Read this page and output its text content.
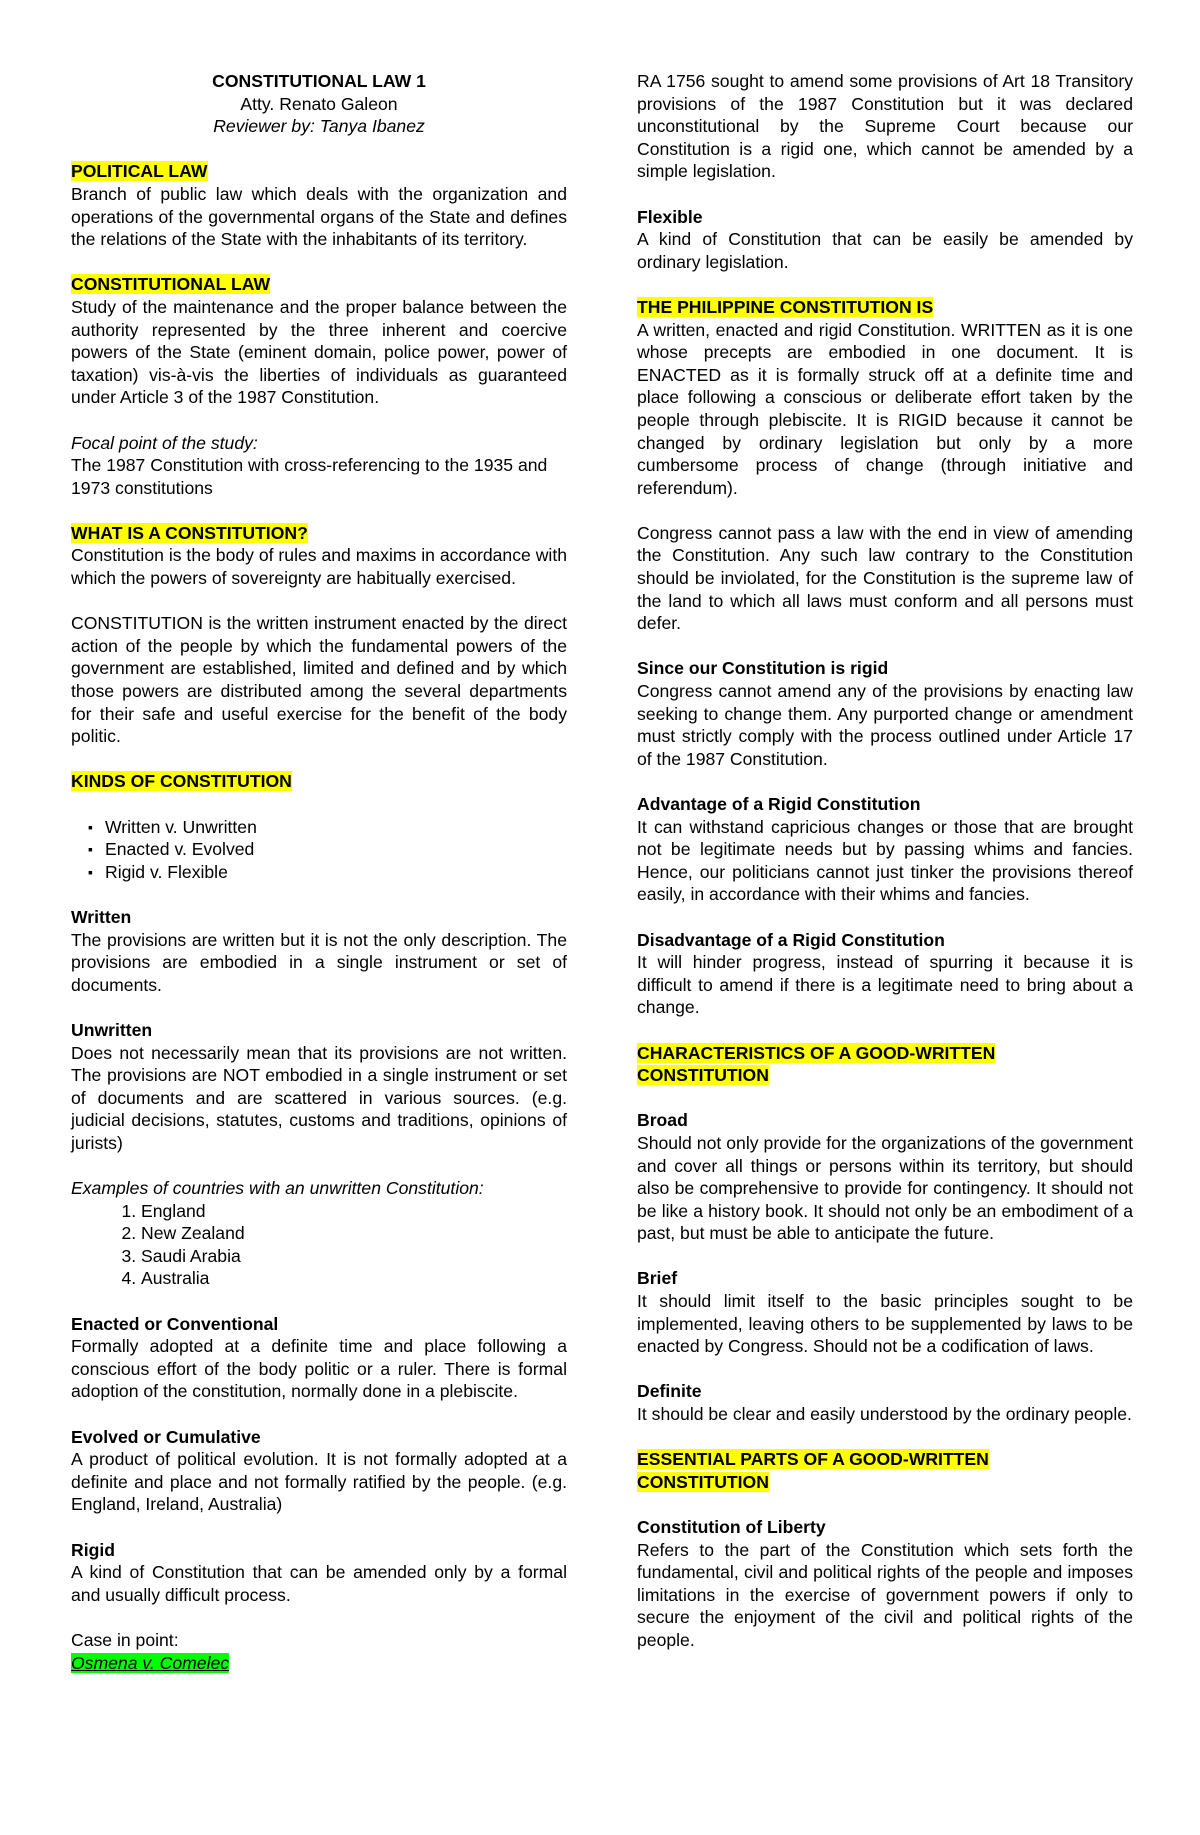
CONSTITUTIONAL LAW 1
Atty. Renato Galeon
Reviewer by: Tanya Ibanez
POLITICAL LAW

Branch of public law which deals with the organization and operations of the governmental organs of the State and defines the relations of the State with the inhabitants of its territory.

CONSTITUTIONAL LAW

Study of the maintenance and the proper balance between the authority represented by the three inherent and coercive powers of the State (eminent domain, police power, power of taxation) vis-à-vis the liberties of individuals as guaranteed under Article 3 of the 1987 Constitution.

Focal point of the study:

The 1987 Constitution with cross-referencing to the 1935 and 1973 constitutions

WHAT IS A CONSTITUTION?

Constitution is the body of rules and maxims in accordance with which the powers of sovereignty are habitually exercised.

CONSTITUTION is the written instrument enacted by the direct action of the people by which the fundamental powers of the government are established, limited and defined and by which those powers are distributed among the several departments for their safe and useful exercise for the benefit of the body politic.

KINDS OF CONSTITUTION
▪ Written v. Unwritten
▪ Enacted v. Evolved
▪ Rigid v. Flexible

Written

The provisions are written but it is not the only description. The provisions are embodied in a single instrument or set of documents.

Unwritten

Does not necessarily mean that its provisions are not written. The provisions are NOT embodied in a single instrument or set of documents and are scattered in various sources. (e.g. judicial decisions, statutes, customs and traditions, opinions of jurists)

Examples of countries with an unwritten Constitution:

1. England
2. New Zealand
3. Saudi Arabia
4. Australia

Enacted or Conventional

Formally adopted at a definite time and place following a conscious effort of the body politic or a ruler. There is formal adoption of the constitution, normally done in a plebiscite.

Evolved or Cumulative

A product of political evolution. It is not formally adopted at a definite and place and not formally ratified by the people. (e.g. England, Ireland, Australia)

Rigid

A kind of Constitution that can be amended only by a formal and usually difficult process.

Case in point:

Osmena v. Comelec

RA 1756 sought to amend some provisions of Art 18 Transitory provisions of the 1987 Constitution but it was declared unconstitutional by the Supreme Court because our Constitution is a rigid one, which cannot be amended by a simple legislation.

Flexible

A kind of Constitution that can be easily be amended by ordinary legislation.

THE PHILIPPINE CONSTITUTION IS

A written, enacted and rigid Constitution. WRITTEN as it is one whose precepts are embodied in one document. It is ENACTED as it is formally struck off at a definite time and place following a conscious or deliberate effort taken by the people through plebiscite. It is RIGID because it cannot be changed by ordinary legislation but only by a more cumbersome process of change (through initiative and referendum).

Congress cannot pass a law with the end in view of amending the Constitution. Any such law contrary to the Constitution should be inviolated, for the Constitution is the supreme law of the land to which all laws must conform and all persons must defer.

Since our Constitution is rigid

Congress cannot amend any of the provisions by enacting law seeking to change them. Any purported change or amendment must strictly comply with the process outlined under Article 17 of the 1987 Constitution.

Advantage of a Rigid Constitution

It can withstand capricious changes or those that are brought not be legitimate needs but by passing whims and fancies. Hence, our politicians cannot just tinker the provisions thereof easily, in accordance with their whims and fancies.

Disadvantage of a Rigid Constitution

It will hinder progress, instead of spurring it because it is difficult to amend if there is a legitimate need to bring about a change.

CHARACTERISTICS OF A GOOD-WRITTEN
CONSTITUTION

Broad

Should not only provide for the organizations of the government and cover all things or persons within its territory, but should also be comprehensive to provide for contingency. It should not be like a history book. It should not only be an embodiment of a past, but must be able to anticipate the future.

Brief

It should limit itself to the basic principles sought to be implemented, leaving others to be supplemented by laws to be enacted by Congress. Should not be a codification of laws.

Definite

It should be clear and easily understood by the ordinary people.

ESSENTIAL PARTS OF A GOOD-WRITTEN
CONSTITUTION

Constitution of Liberty

Refers to the part of the Constitution which sets forth the fundamental, civil and political rights of the people and imposes limitations in the exercise of government powers if only to secure the enjoyment of the civil and political rights of the people.
